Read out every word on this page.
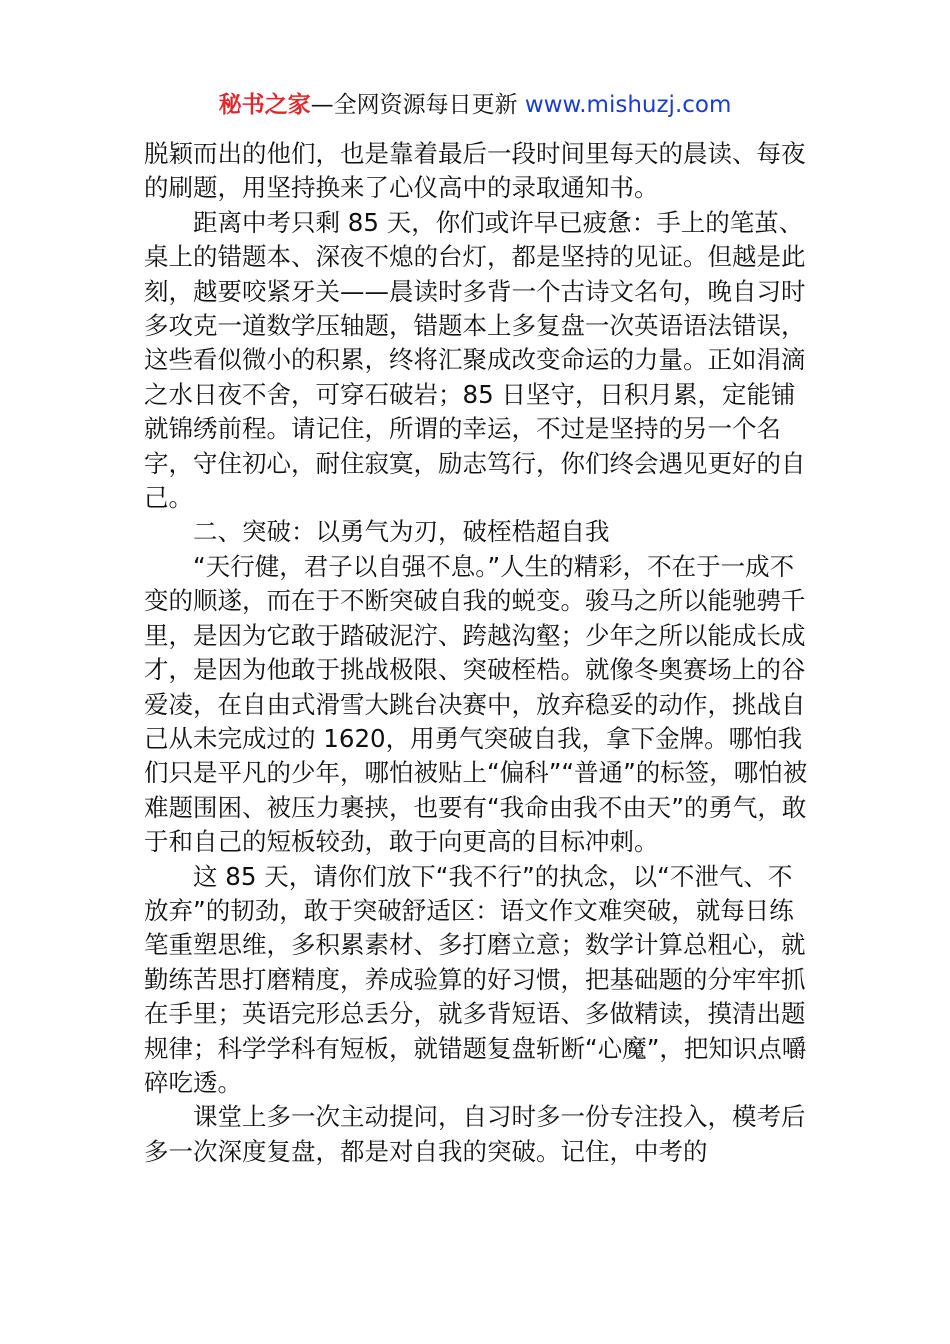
秘书之家—全网资源每日更新 www.mishuzj.com

脱颖而出的他们，也是靠着最后一段时间里每天的晨读、每夜的刷题，用坚持换来了心仪高中的录取通知书。

距离中考只剩 85 天，你们或许早已疲惫：手上的笔茧、桌上的错题本、深夜不熄的台灯，都是坚持的见证。但越是此刻，越要咬紧牙关——晨读时多背一个古诗文名句，晚自习时多攻克一道数学压轴题，错题本上多复盘一次英语语法错误，这些看似微小的积累，终将汇聚成改变命运的力量。正如涓滴之水日夜不舍，可穿石破岩；85 日坚守，日积月累，定能铺就锦绣前程。请记住，所谓的幸运，不过是坚持的另一个名字，守住初心，耐住寂寞，励志笃行，你们终会遇见更好的自己。

二、突破：以勇气为刃，破桎梏超自我

“天行健，君子以自强不息。”人生的精彩，不在于一成不变的顺遂，而在于不断突破自我的蜕变。骏马之所以能驰骋千里，是因为它敢于踏破泥泞、跨越沟壑；少年之所以能成长成才，是因为他敢于挑战极限、突破桎梏。就像冬奥赛场上的谷爱凌，在自由式滑雪大跳台决赛中，放弃稳妥的动作，挑战自己从未完成过的 1620，用勇气突破自我，拿下金牌。哪怕我们只是平凡的少年，哪怕被贴上“偏科”“普通”的标签，哪怕被难题围困、被压力裹挟，也要有“我命由我不由天”的勇气，敢于和自己的短板较劲，敢于向更高的目标冲刺。

这 85 天，请你们放下“我不行”的执念，以“不泄气、不放弃”的韧劲，敢于突破舒适区：语文作文难突破，就每日练笔重塑思维，多积累素材、多打磨立意；数学计算总粗心，就勤练苦思打磨精度，养成验算的好习惯，把基础题的分牢牢抓在手里；英语完形总丢分，就多背短语、多做精读，摸清出题规律；科学学科有短板，就错题复盘斩断“心魔”，把知识点嚼碎吃透。

课堂上多一次主动提问，自习时多一份专注投入，模考后多一次深度复盘，都是对自我的突破。记住，中考的
